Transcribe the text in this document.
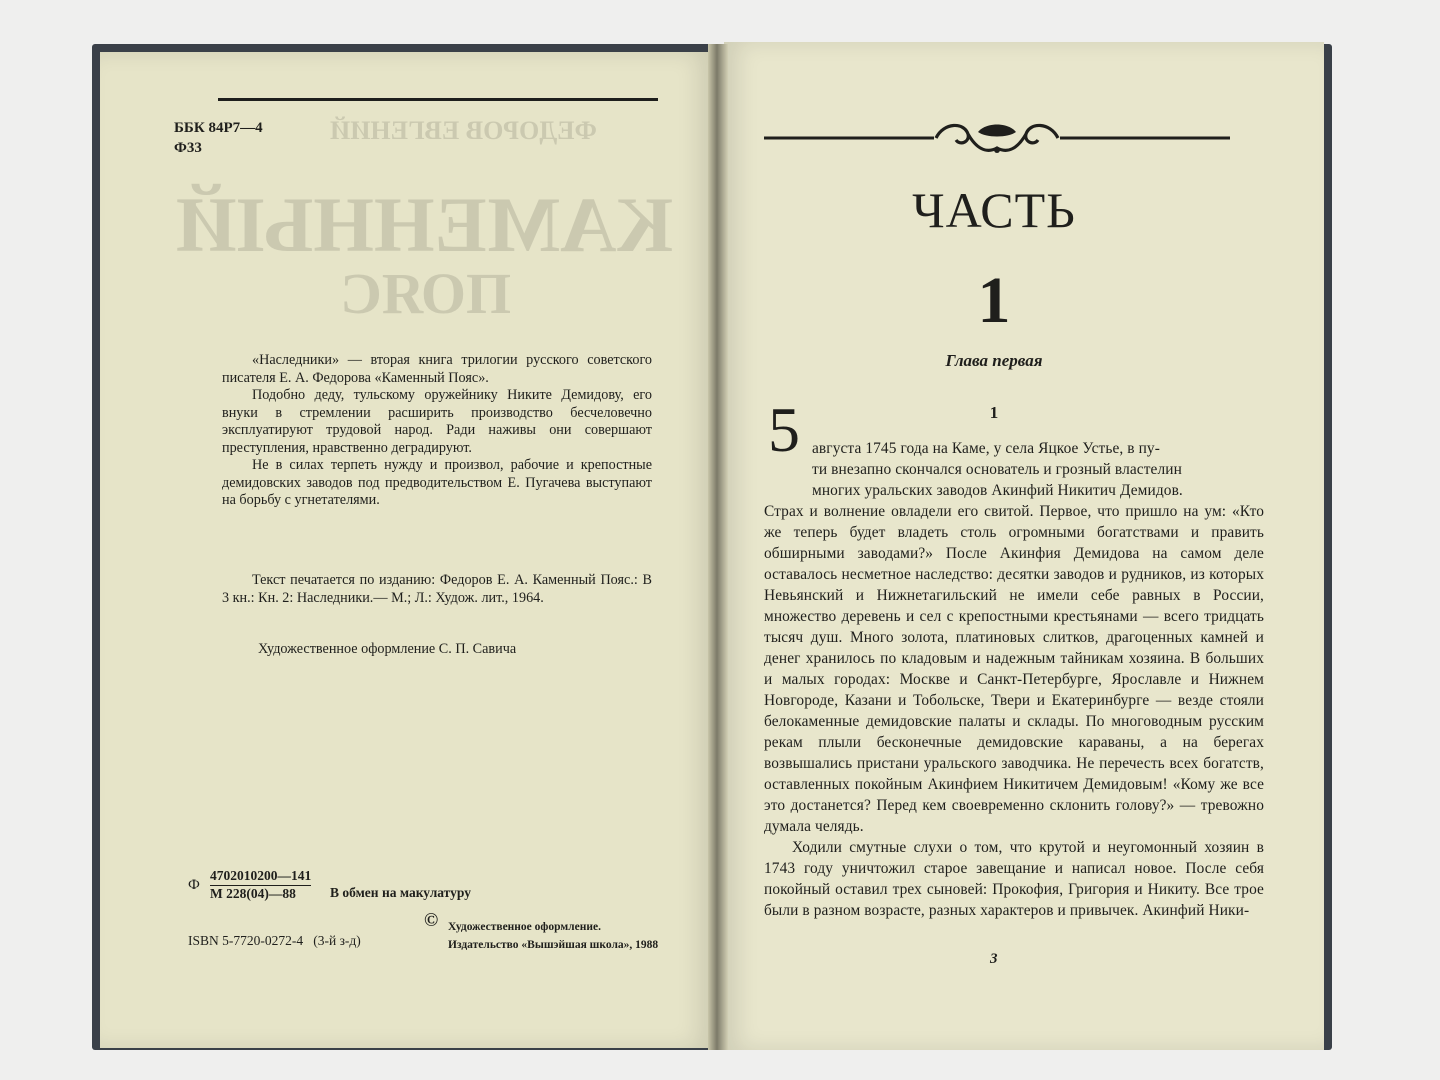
ФЕДОРОВ ЕВГЕНИЙ
КАМЕННЫЙ
ПОЯС
ББК 84Р7—4
Ф33

«Наследники» — вторая книга трилогии русского советского писателя Е. А. Федорова «Каменный Пояс».

Подобно деду, тульскому оружейнику Никите Демидову, его внуки в стремлении расширить производство бесчеловечно эксплуатируют трудовой народ. Ради наживы они совершают преступления, нравственно деградируют.

Не в силах терпеть нужду и произвол, рабочие и крепостные демидовских заводов под предводительством Е. Пугачева выступают на борьбу с угнетателями.

Текст печатается по изданию: Федоров Е. А. Каменный Пояс.: В 3 кн.: Кн. 2: Наследники.— М.; Л.: Худож. лит., 1964.

Художественное оформление С. П. Савича
Ф
4702010200—141
М 228(04)—88	В обмен на макулатуру
ISBN 5-7720-0272-4 (3-й з-д)
© Художественное оформление.
Издательство «Вышэйшая школа», 1988
ЧАСТЬ
1
Глава первая
1
5 августа 1745 года на Каме, у села Яцкое Устье, в пу-

ти внезапно скончался основатель и грозный властелин

многих уральских заводов Акинфий Никитич Демидов.

Страх и волнение овладели его свитой. Первое, что пришло на ум: «Кто же теперь будет владеть столь огромными богатствами и править обширными заводами?» После Акинфия Демидова на самом деле оставалось несметное наследство: десятки заводов и рудников, из которых Невьянский и Нижнетагильский не имели себе равных в России, множество деревень и сел с крепостными крестьянами — всего тридцать тысяч душ. Много золота, платиновых слитков, драгоценных камней и денег хранилось по кладовым и надежным тайникам хозяина. В больших и малых городах: Москве и Санкт-Петербурге, Ярославле и Нижнем Новгороде, Казани и Тобольске, Твери и Екатеринбурге — везде стояли белокаменные демидовские палаты и склады. По многоводным русским рекам плыли бесконечные демидовские караваны, а на берегах возвышались пристани уральского заводчика. Не перечесть всех богатств, оставленных покойным Акинфием Никитичем Демидовым! «Кому же все это достанется? Перед кем своевременно склонить голову?» — тревожно думала челядь.

Ходили смутные слухи о том, что крутой и неугомонный хозяин в 1743 году уничтожил старое завещание и написал новое. После себя покойный оставил трех сыновей: Прокофия, Григория и Никиту. Все трое были в разном возрасте, разных характеров и привычек. Акинфий Ники-

3
